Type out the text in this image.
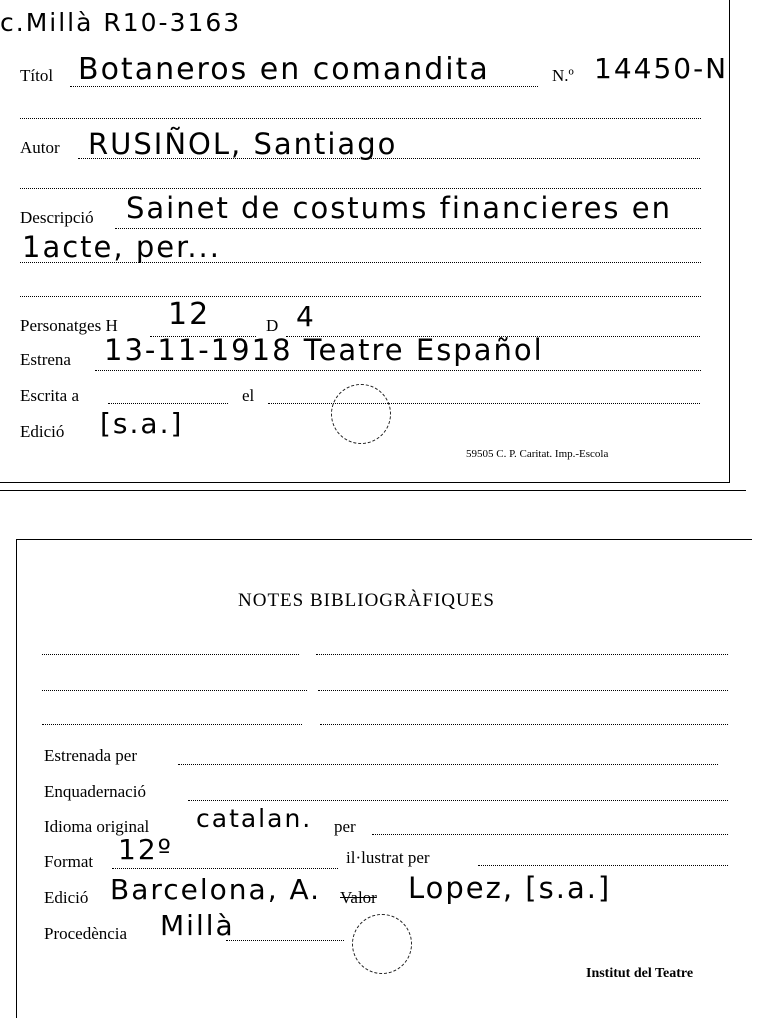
c.Millà R10-3163
Títol Botaneros en comandita	N.º 14450-N
Autor RUSIÑOL, Santiago
Descripció Sainet de costums financieres en
1acte, per...
Personatges H 12	D 4
Estrena 13-11-1918 Teatre Español
Escrita a	el
Edició [s.a.]
59505 C. P. Caritat. Imp.-Escola
NOTES BIBLIOGRÀFIQUES
Estrenada per
Enquadernació
Idioma original catalan. per
Format 12º	il·lustrat per
Edició Barcelona, A. Valor Lopez, [s.a.]
Procedència Millà
Institut del Teatre
